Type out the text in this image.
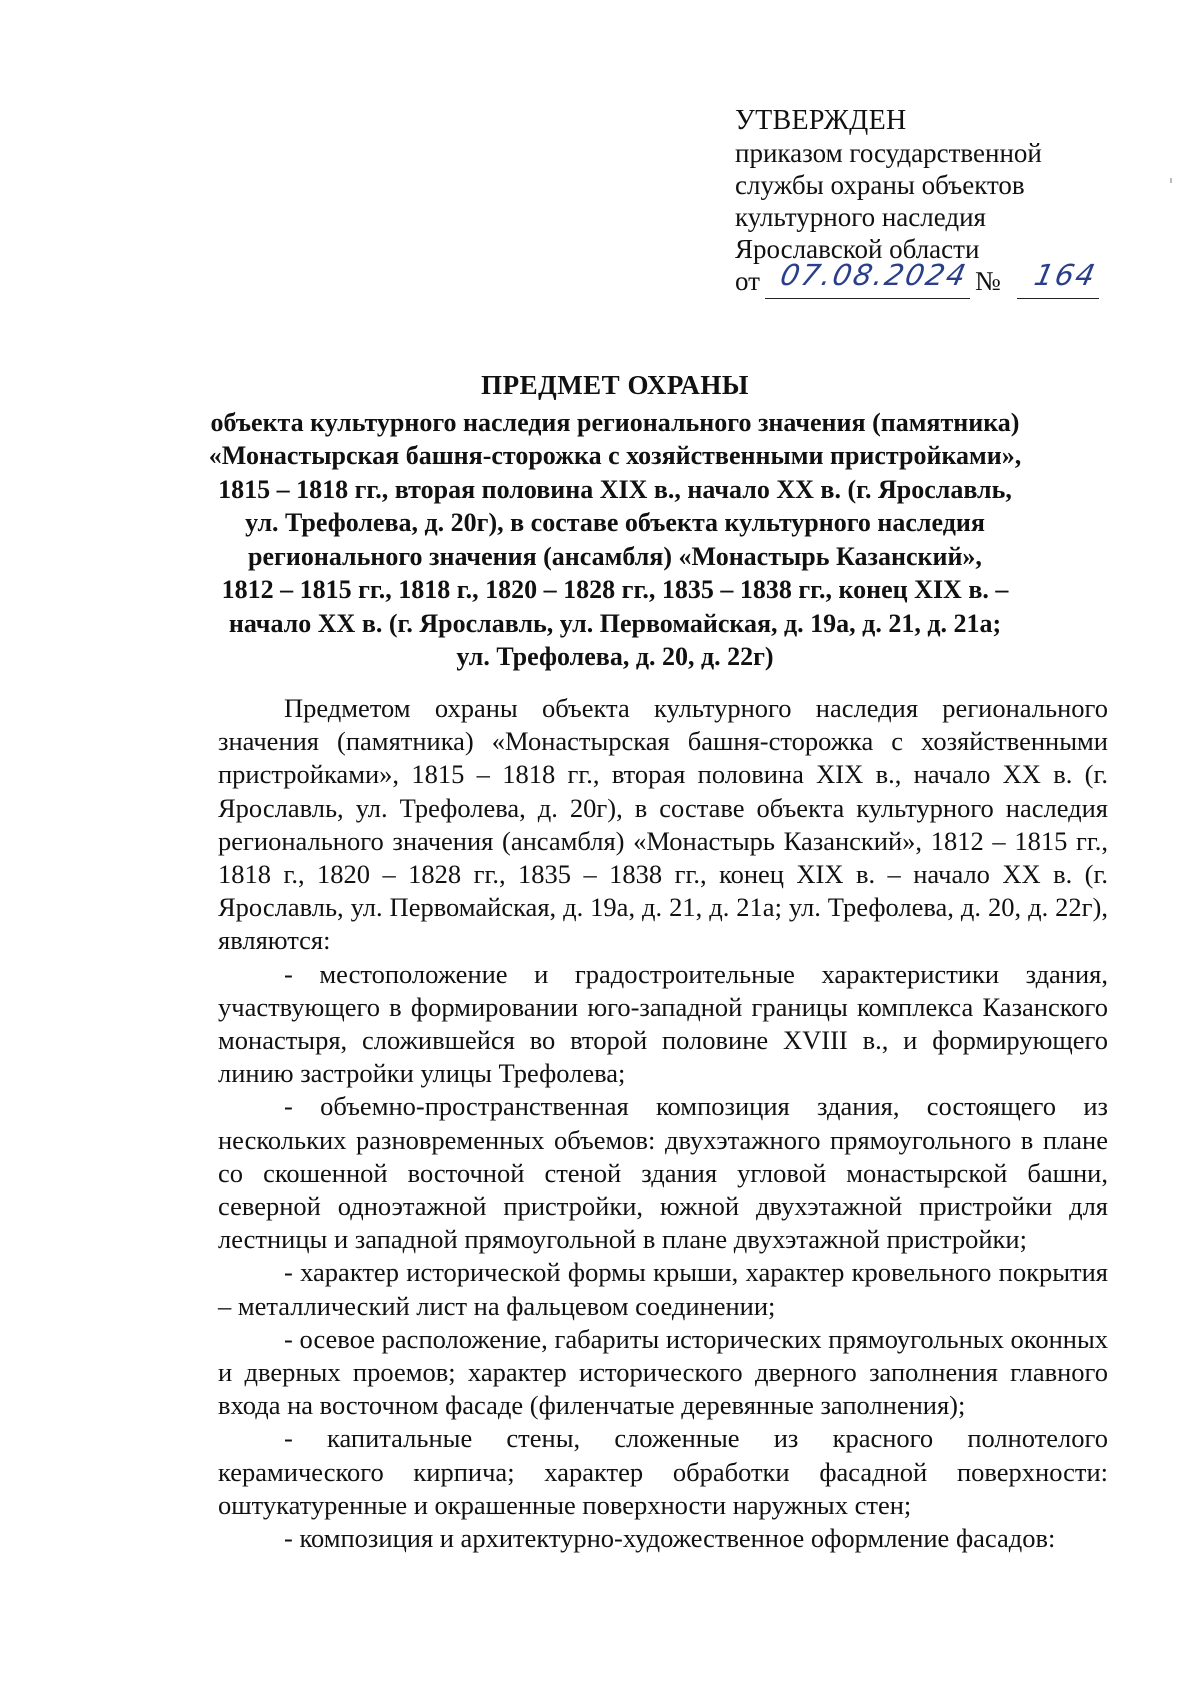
УТВЕРЖДЕН
приказом государственной
службы охраны объектов
культурного наследия
Ярославской области
от 07.08.2024 № 164
ПРЕДМЕТ ОХРАНЫ
объекта культурного наследия регионального значения (памятника)
«Монастырская башня-сторожка с хозяйственными пристройками»,
1815 – 1818 гг., вторая половина XIX в., начало XX в. (г. Ярославль,
ул. Трефолева, д. 20г), в составе объекта культурного наследия
регионального значения (ансамбля) «Монастырь Казанский»,
1812 – 1815 гг., 1818 г., 1820 – 1828 гг., 1835 – 1838 гг., конец XIX в. –
начало XX в. (г. Ярославль, ул. Первомайская, д. 19а, д. 21, д. 21а;
ул. Трефолева, д. 20, д. 22г)

Предметом охраны объекта культурного наследия регионального значения (памятника) «Монастырская башня-сторожка с хозяйственными пристройками», 1815 – 1818 гг., вторая половина XIX в., начало XX в. (г. Ярославль, ул. Трефолева, д. 20г), в составе объекта культурного наследия регионального значения (ансамбля) «Монастырь Казанский», 1812 – 1815 гг., 1818 г., 1820 – 1828 гг., 1835 – 1838 гг., конец XIX в. – начало XX в. (г. Ярославль, ул. Первомайская, д. 19а, д. 21, д. 21а; ул. Трефолева, д. 20, д. 22г), являются:

- местоположение и градостроительные характеристики здания, участвующего в формировании юго-западной границы комплекса Казанского монастыря, сложившейся во второй половине XVIII в., и формирующего линию застройки улицы Трефолева;

- объемно-пространственная композиция здания, состоящего из нескольких разновременных объемов: двухэтажного прямоугольного в плане со скошенной восточной стеной здания угловой монастырской башни, северной одноэтажной пристройки, южной двухэтажной пристройки для лестницы и западной прямоугольной в плане двухэтажной пристройки;

- характер исторической формы крыши, характер кровельного покрытия – металлический лист на фальцевом соединении;

- осевое расположение, габариты исторических прямоугольных оконных и дверных проемов; характер исторического дверного заполнения главного входа на восточном фасаде (филенчатые деревянные заполнения);

- капитальные стены, сложенные из красного полнотелого керамического кирпича; характер обработки фасадной поверхности: оштукатуренные и окрашенные поверхности наружных стен;

- композиция и архитектурно-художественное оформление фасадов:
